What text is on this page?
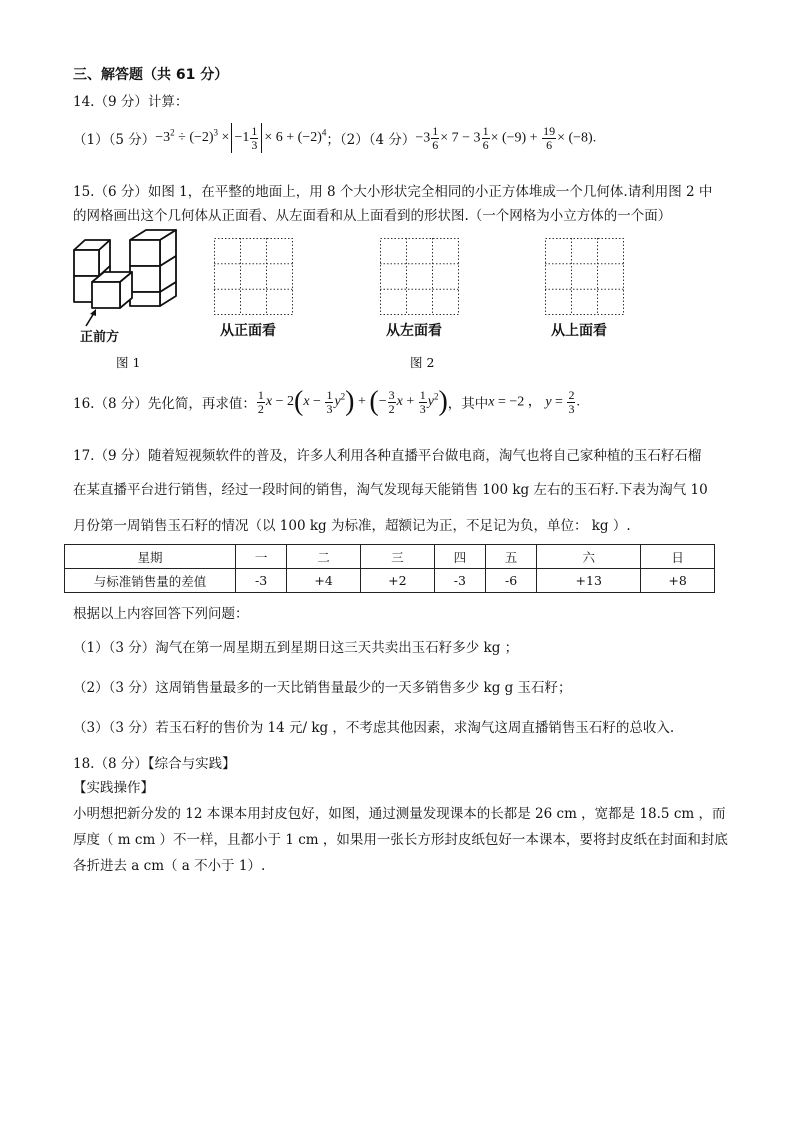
三、解答题（共 61 分）
14.（9 分）计算：
（1）（5 分） $-3^2 \div (-2)^3 \times -1 \frac{1}{3} \times 6 + (-2)^4$ ；（2）（4 分） $-3 \frac{1}{6} \times 7 - 3 \frac{1}{6} \times (-9) + \frac{19}{6} \times (-8)$.
15.（6 分）如图 1，在平整的地面上，用 8 个大小形状完全相同的小正方体堆成一个几何体.请利用图 2 中
的网格画出这个几何体从正面看、从左面看和从上面看到的形状图.（一个网格为小立方体的一个面）
正前方
图 1
从正面看	从左面看	从上面看
图 2
16.（8 分）先化简，再求值： $\frac{1}{2}$ $x - 2(x - \frac{1}{3} y^2)$ + (− $\frac{3}{2}$ $x + \frac{1}{3} y^2$) ，其中 x = −2 ， $y = \frac{2}{3}$ .
17.（9 分）随着短视频软件的普及，许多人利用各种直播平台做电商，淘气也将自己家种植的玉石籽石榴
在某直播平台进行销售，经过一段时间的销售，淘气发现每天能销售 100 kg 左右的玉石籽.下表为淘气 10
月份第一周销售玉石籽的情况（以 100 kg 为标准，超额记为正，不足记为负，单位： kg ）.
星期	一	二	三	四	五	六	日
与标准销售量的差值	-3	+4	+2	-3	-6	+13	+8
根据以上内容回答下列问题：
（1）（3 分）淘气在第一周星期五到星期日这三天共卖出玉石籽多少 kg ；
（2）（3 分）这周销售量最多的一天比销售量最少的一天多销售多少 kg g 玉石籽；
（3）（3 分）若玉石籽的售价为 14 元/ kg ，不考虑其他因素，求淘气这周直播销售玉石籽的总收入.
18.（8 分）【综合与实践】
【实践操作】
小明想把新分发的 12 本课本用封皮包好，如图，通过测量发现课本的长都是 26 cm ，宽都是 18.5 cm ，而
厚度（ m cm ）不一样，且都小于 1 cm ，如果用一张长方形封皮纸包好一本课本，要将封皮纸在封面和封底
各折进去 a cm（ a 不小于 1）.
